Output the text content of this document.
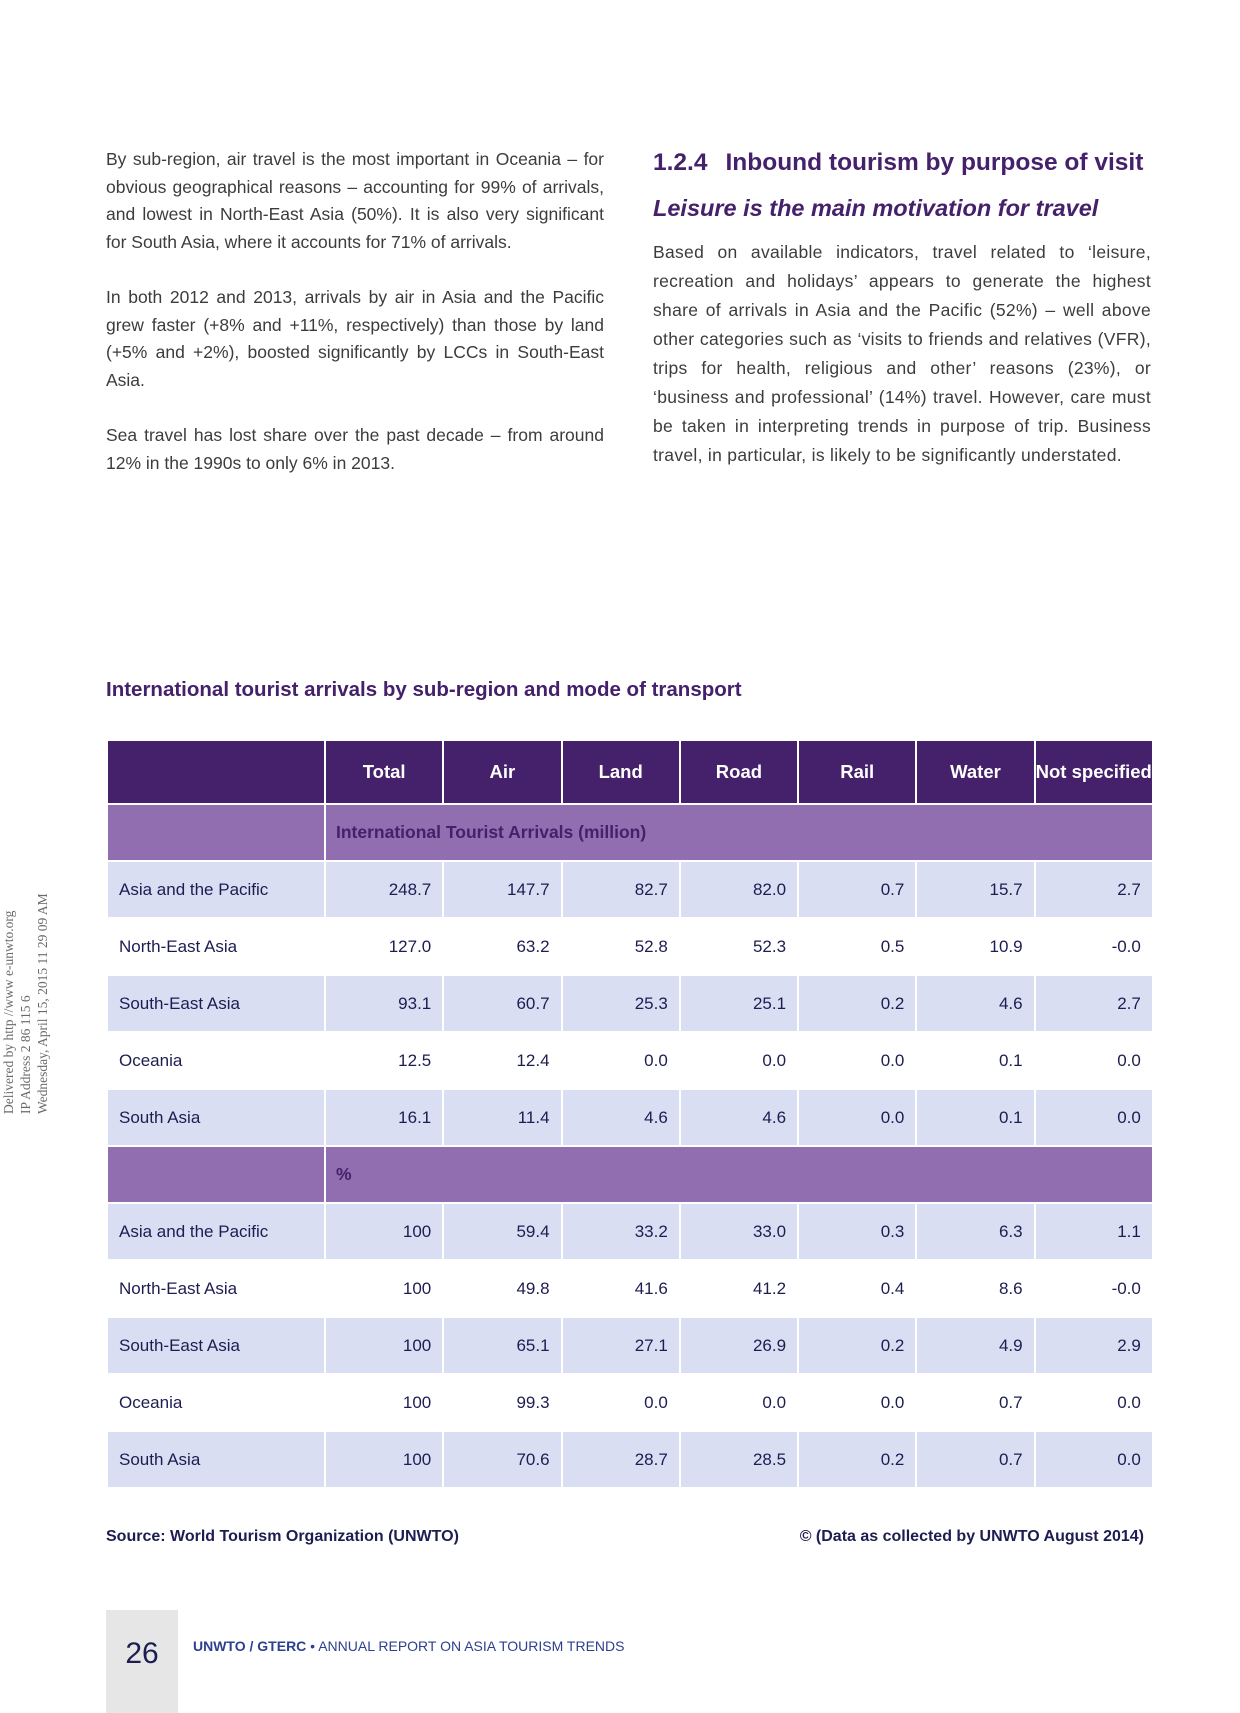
By sub-region, air travel is the most important in Oceania – for obvious geographical reasons – accounting for 99% of arrivals, and lowest in North-East Asia (50%). It is also very significant for South Asia, where it accounts for 71% of arrivals.

In both 2012 and 2013, arrivals by air in Asia and the Pacific grew faster (+8% and +11%, respectively) than those by land (+5% and +2%), boosted significantly by LCCs in South-East Asia.

Sea travel has lost share over the past decade – from around 12% in the 1990s to only 6% in 2013.

1.2.4 Inbound tourism by purpose of visit
Leisure is the main motivation for travel

Based on available indicators, travel related to ‘leisure, recreation and holidays’ appears to generate the highest share of arrivals in Asia and the Pacific (52%) – well above other categories such as ‘visits to friends and relatives (VFR), trips for health, religious and other’ reasons (23%), or ‘business and professional’ (14%) travel. However, care must be taken in interpreting trends in purpose of trip. Business travel, in particular, is likely to be significantly understated.

International tourist arrivals by sub-region and mode of transport
	Total	Air	Land	Road	Rail	Water	Not specified
	International Tourist Arrivals (million)						
Asia and the Pacific	248.7	147.7	82.7	82.0	0.7	15.7	2.7
North-East Asia	127.0	63.2	52.8	52.3	0.5	10.9	-0.0
South-East Asia	93.1	60.7	25.3	25.1	0.2	4.6	2.7
Oceania	12.5	12.4	0.0	0.0	0.0	0.1	0.0
South Asia	16.1	11.4	4.6	4.6	0.0	0.1	0.0
	%						
Asia and the Pacific	100	59.4	33.2	33.0	0.3	6.3	1.1
North-East Asia	100	49.8	41.6	41.2	0.4	8.6	-0.0
South-East Asia	100	65.1	27.1	26.9	0.2	4.9	2.9
Oceania	100	99.3	0.0	0.0	0.0	0.7	0.0
South Asia	100	70.6	28.7	28.5	0.2	0.7	0.0
Source: World Tourism Organization (UNWTO)	© (Data as collected by UNWTO August 2014)
Delivered by http //www e-unwto.org IP Address 2 86 115 6 Wednesday, April 15, 2015 11 29 09 AM
26	UNWTO / GTERC • ANNUAL REPORT ON ASIA TOURISM TRENDS
